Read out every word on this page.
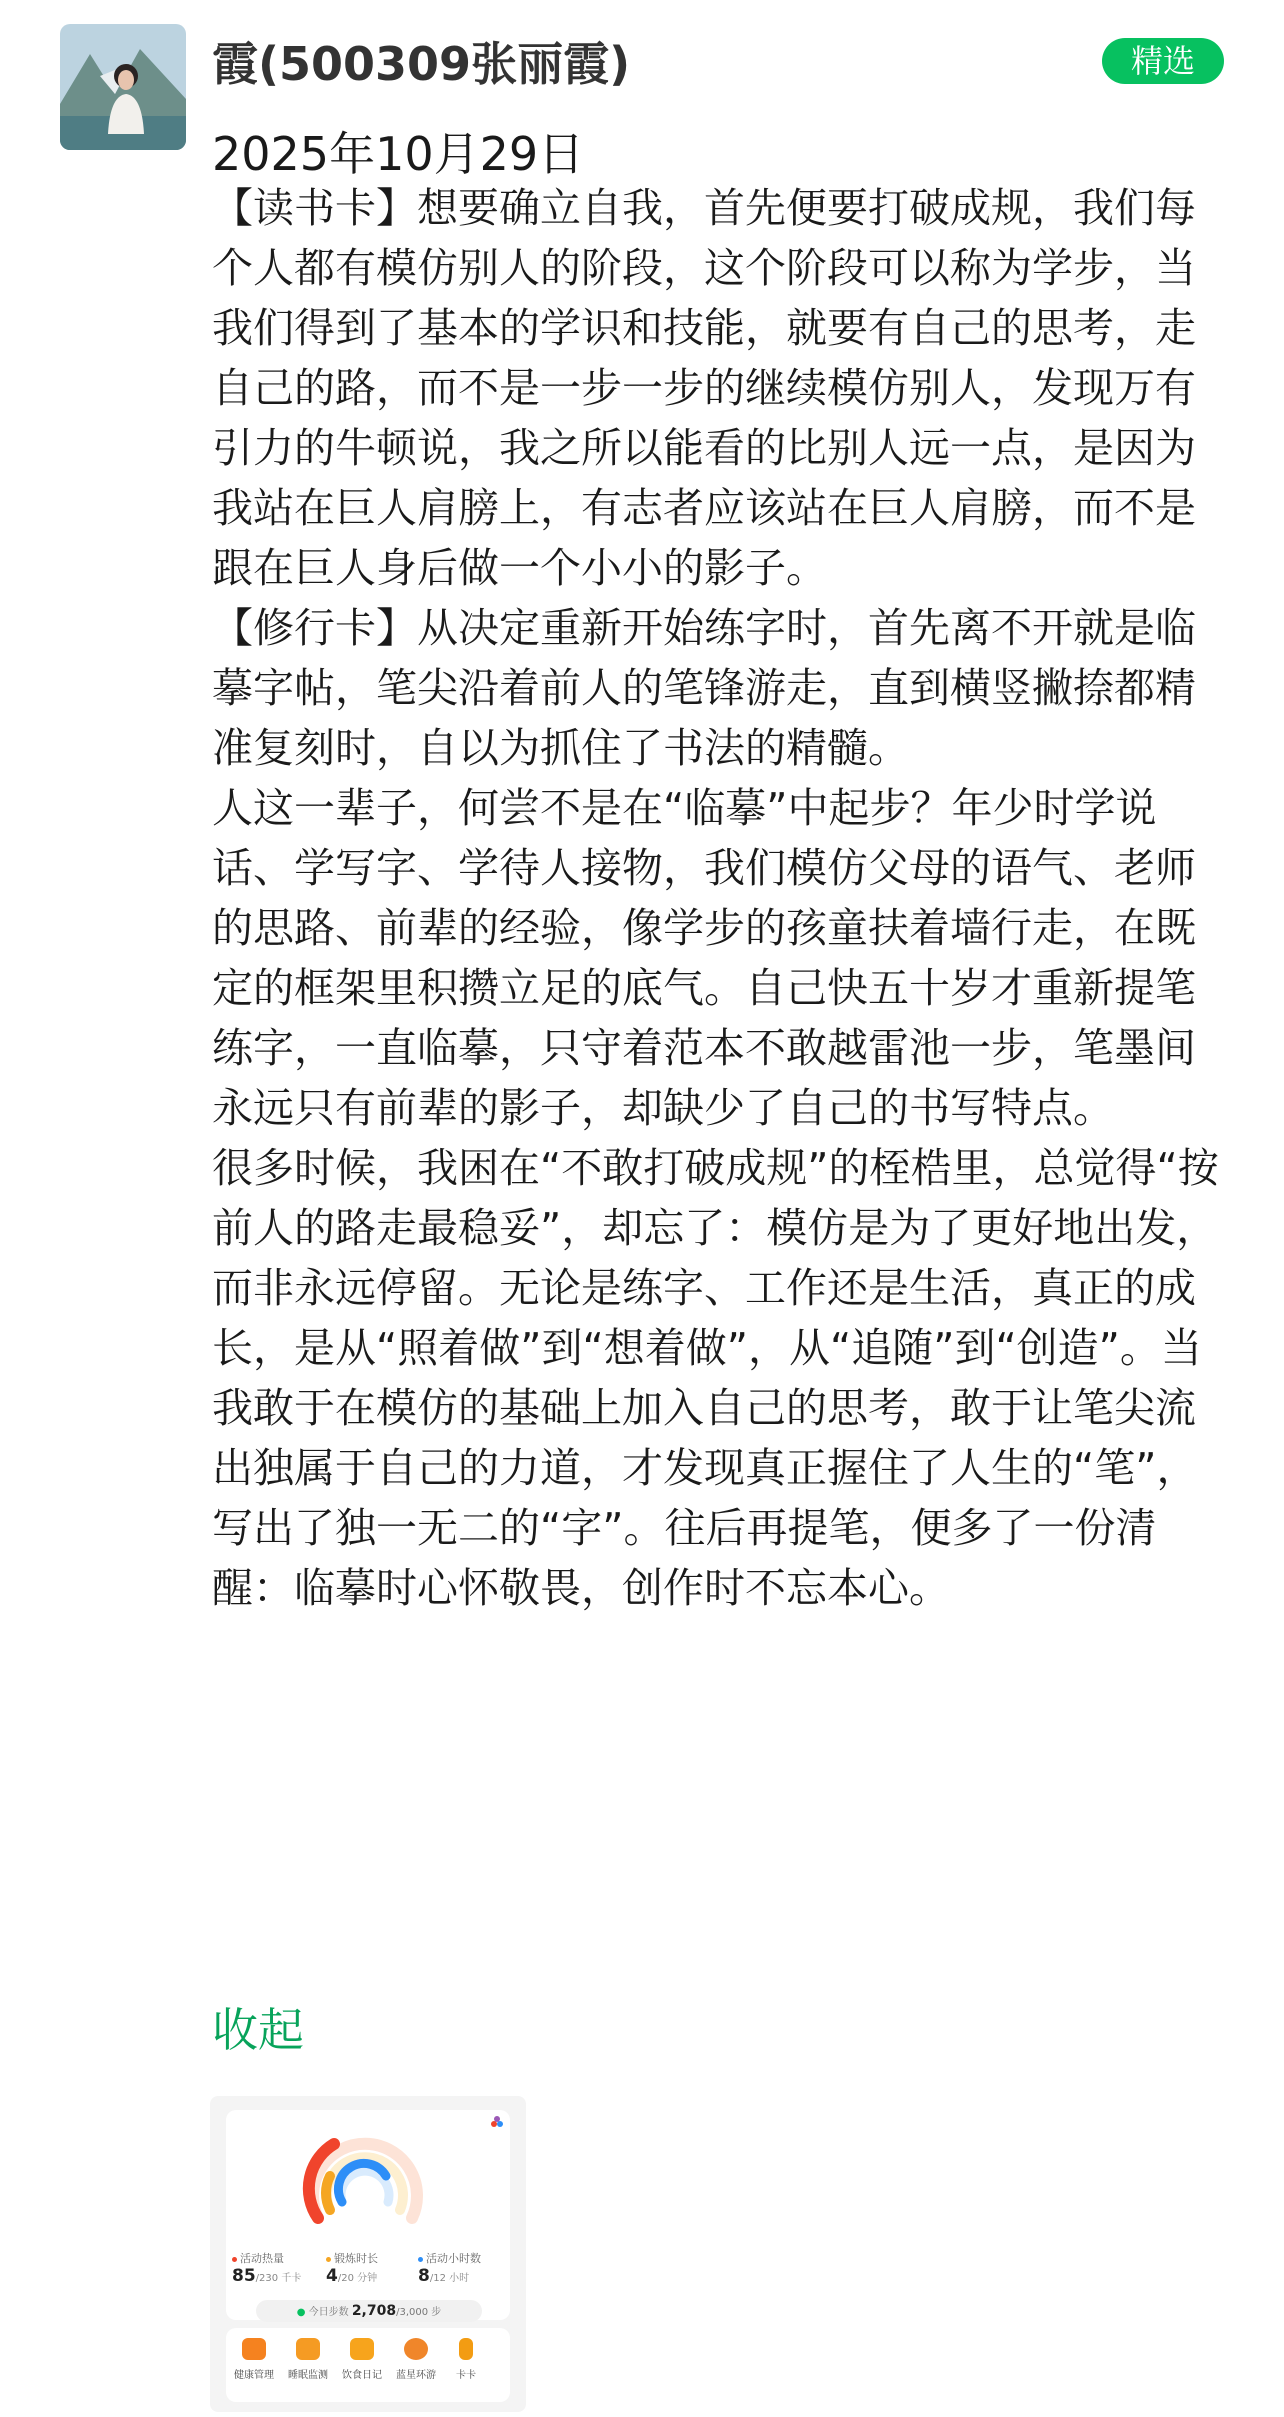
霞(500309张丽霞)	精选
2025年10月29日

【读书卡】想要确立自我，首先便要打破成规，我们每个人都有模仿别人的阶段，这个阶段可以称为学步，当我们得到了基本的学识和技能，就要有自己的思考，走自己的路，而不是一步一步的继续模仿别人，发现万有引力的牛顿说，我之所以能看的比别人远一点，是因为我站在巨人肩膀上，有志者应该站在巨人肩膀，而不是跟在巨人身后做一个小小的影子。

【修行卡】从决定重新开始练字时，首先离不开就是临摹字帖，笔尖沿着前人的笔锋游走，直到横竖撇捺都精准复刻时，自以为抓住了书法的精髓。

人这一辈子，何尝不是在“临摹”中起步？年少时学说话、学写字、学待人接物，我们模仿父母的语气、老师的思路、前辈的经验，像学步的孩童扶着墙行走，在既定的框架里积攒立足的底气。自己快五十岁才重新提笔练字，一直临摹，只守着范本不敢越雷池一步，笔墨间永远只有前辈的影子，却缺少了自己的书写特点。

很多时候，我困在“不敢打破成规”的桎梏里，总觉得“按前人的路走最稳妥”，却忘了：模仿是为了更好地出发，而非永远停留。无论是练字、工作还是生活，真正的成长，是从“照着做”到“想着做”，从“追随”到“创造”。当我敢于在模仿的基础上加入自己的思考，敢于让笔尖流出独属于自己的力道，才发现真正握住了人生的“笔”，写出了独一无二的“字”。往后再提笔，便多了一份清醒：临摹时心怀敬畏，创作时不忘本心。

收起
活动热量
85/230 千卡
锻炼时长
4/20 分钟
活动小时数
8/12 小时
● 今日步数 2,708/3,000 步
健康管理	睡眠监测	饮食日记	蓝星环游	卡卡
